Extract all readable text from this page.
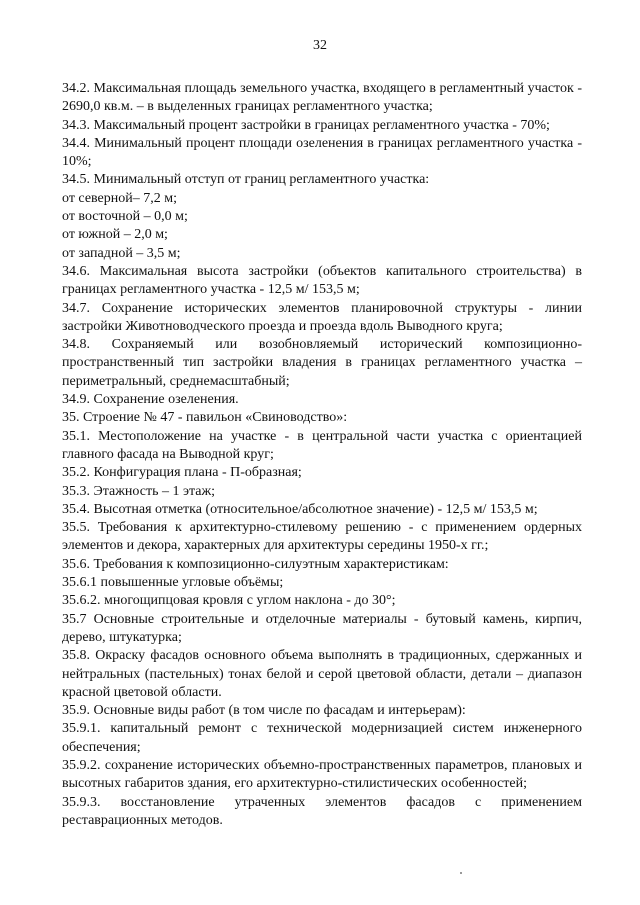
32

34.2. Максимальная площадь земельного участка, входящего в регламентный участок - 2690,0 кв.м. – в выделенных границах регламентного участка;

34.3. Максимальный процент застройки в границах регламентного участка - 70%;

34.4. Минимальный процент площади озеленения в границах регламентного участка - 10%;

34.5. Минимальный отступ от границ регламентного участка:

от северной– 7,2 м;

от восточной – 0,0 м;

от южной – 2,0 м;

от западной – 3,5 м;

34.6. Максимальная высота застройки (объектов капитального строительства) в границах регламентного участка - 12,5 м/ 153,5 м;

34.7. Сохранение исторических элементов планировочной структуры - линии застройки Животноводческого проезда и проезда вдоль Выводного круга;

34.8. Сохраняемый или возобновляемый исторический композиционно-пространственный тип застройки владения в границах регламентного участка – периметральный, среднемасштабный;

34.9. Сохранение озеленения.

35. Строение № 47 - павильон «Свиноводство»:

35.1. Местоположение на участке - в центральной части участка с ориентацией главного фасада на Выводной круг;

35.2. Конфигурация плана - П-образная;

35.3. Этажность – 1 этаж;

35.4. Высотная отметка (относительное/абсолютное значение) - 12,5 м/ 153,5 м;

35.5. Требования к архитектурно-стилевому решению - с применением ордерных элементов и декора, характерных для архитектуры середины 1950-х гг.;

35.6. Требования к композиционно-силуэтным характеристикам:

35.6.1 повышенные угловые объёмы;

35.6.2. многощипцовая кровля с углом наклона - до 30°;

35.7 Основные строительные и отделочные материалы - бутовый камень, кирпич, дерево, штукатурка;

35.8. Окраску фасадов основного объема выполнять в традиционных, сдержанных и нейтральных (пастельных) тонах белой и серой цветовой области, детали – диапазон красной цветовой области.

35.9. Основные виды работ (в том числе по фасадам и интерьерам):

35.9.1. капитальный ремонт с технической модернизацией систем инженерного обеспечения;

35.9.2. сохранение исторических объемно-пространственных параметров, плановых и высотных габаритов здания, его архитектурно-стилистических особенностей;

35.9.3. восстановление утраченных элементов фасадов с применением реставрационных методов.
